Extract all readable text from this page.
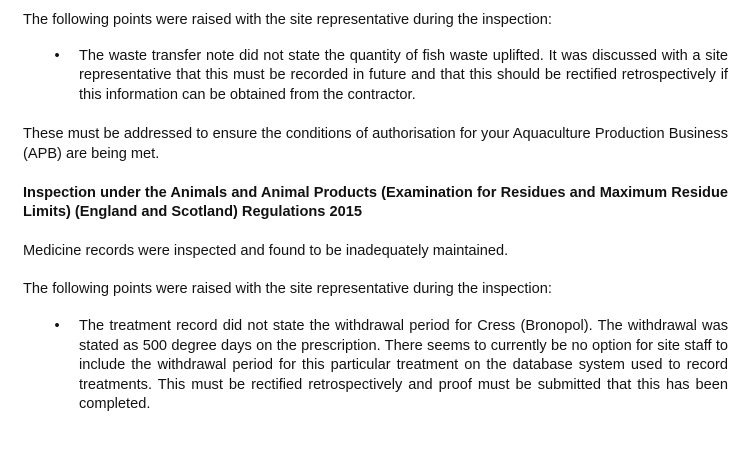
The following points were raised with the site representative during the inspection:

• The waste transfer note did not state the quantity of fish waste uplifted. It was discussed with a site representative that this must be recorded in future and that this should be rectified retrospectively if this information can be obtained from the contractor.

These must be addressed to ensure the conditions of authorisation for your Aquaculture Production Business (APB) are being met.

Inspection under the Animals and Animal Products (Examination for Residues and Maximum Residue Limits) (England and Scotland) Regulations 2015

Medicine records were inspected and found to be inadequately maintained.

The following points were raised with the site representative during the inspection:

• The treatment record did not state the withdrawal period for Cress (Bronopol). The withdrawal was stated as 500 degree days on the prescription. There seems to currently be no option for site staff to include the withdrawal period for this particular treatment on the database system used to record treatments. This must be rectified retrospectively and proof must be submitted that this has been completed.
